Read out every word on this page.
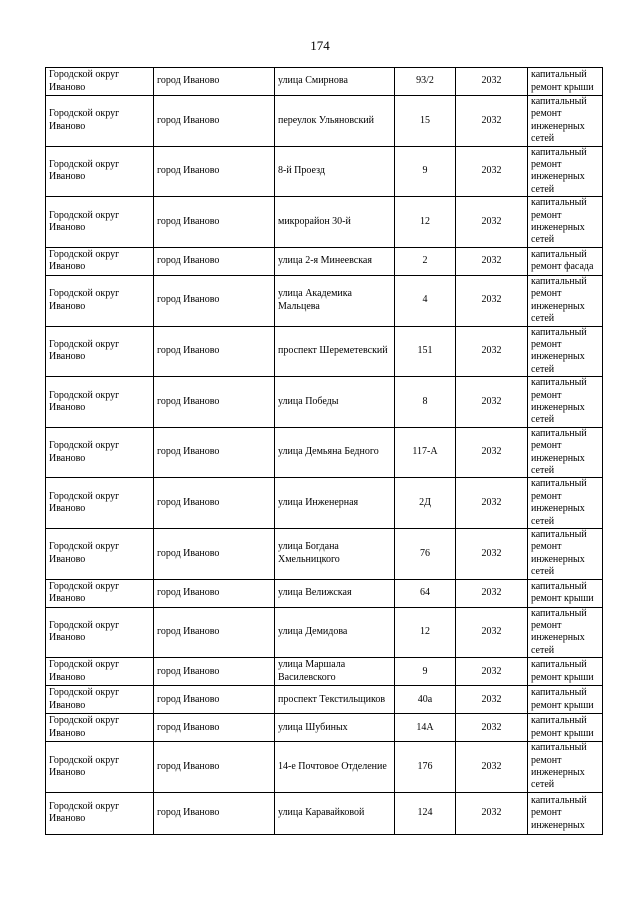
174
Городской округ Иваново	город Иваново	улица Смирнова	93/2	2032	капитальный ремонт крыши
Городской округ Иваново	город Иваново	переулок Ульяновский	15	2032	капитальный ремонт инженерных сетей
Городской округ Иваново	город Иваново	8-й Проезд	9	2032	капитальный ремонт инженерных сетей
Городской округ Иваново	город Иваново	микрорайон 30-й	12	2032	капитальный ремонт инженерных сетей
Городской округ Иваново	город Иваново	улица 2-я Минеевская	2	2032	капитальный ремонт фасада
Городской округ Иваново	город Иваново	улица Академика Мальцева	4	2032	капитальный ремонт инженерных сетей
Городской округ Иваново	город Иваново	проспект Шереметевский	151	2032	капитальный ремонт инженерных сетей
Городской округ Иваново	город Иваново	улица Победы	8	2032	капитальный ремонт инженерных сетей
Городской округ Иваново	город Иваново	улица Демьяна Бедного	117-А	2032	капитальный ремонт инженерных сетей
Городской округ Иваново	город Иваново	улица Инженерная	2Д	2032	капитальный ремонт инженерных сетей
Городской округ Иваново	город Иваново	улица Богдана Хмельницкого	76	2032	капитальный ремонт инженерных сетей
Городской округ Иваново	город Иваново	улица Велижская	64	2032	капитальный ремонт крыши
Городской округ Иваново	город Иваново	улица Демидова	12	2032	капитальный ремонт инженерных сетей
Городской округ Иваново	город Иваново	улица Маршала Василевского	9	2032	капитальный ремонт крыши
Городской округ Иваново	город Иваново	проспект Текстильщиков	40а	2032	капитальный ремонт крыши
Городской округ Иваново	город Иваново	улица Шубиных	14А	2032	капитальный ремонт крыши
Городской округ Иваново	город Иваново	14-е Почтовое Отделение	176	2032	капитальный ремонт инженерных сетей
Городской округ Иваново	город Иваново	улица Каравайковой	124	2032	капитальный ремонт инженерных
